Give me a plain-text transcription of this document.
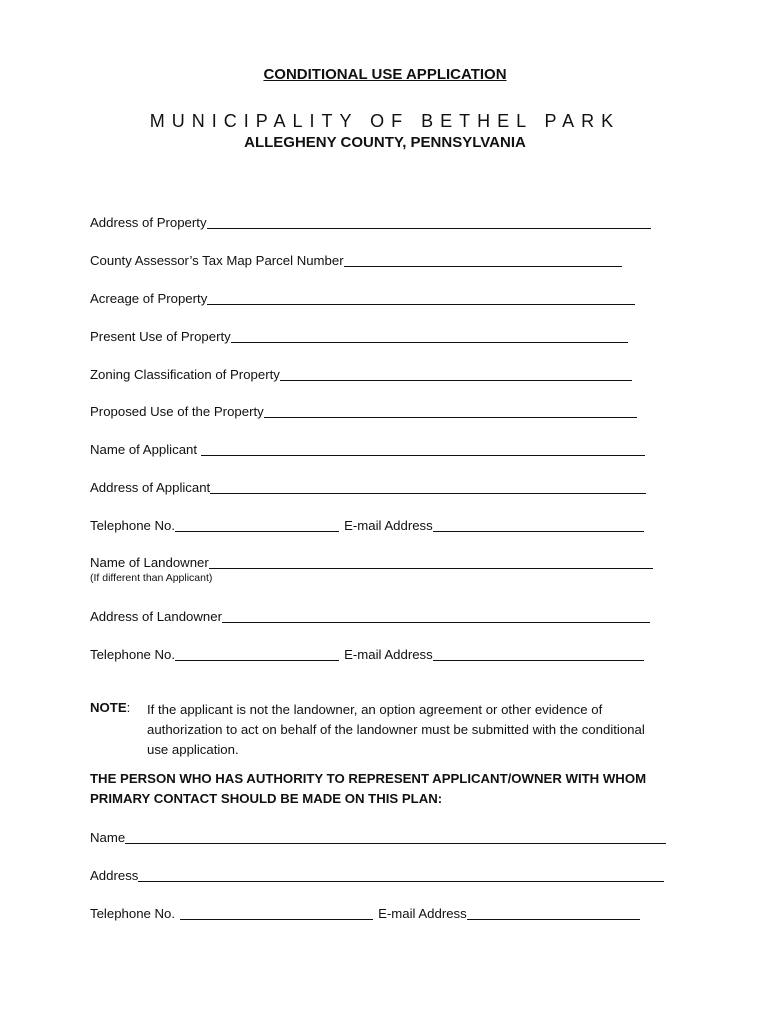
CONDITIONAL USE APPLICATION
MUNICIPALITY OF BETHEL PARK
ALLEGHENY COUNTY, PENNSYLVANIA
Address of Property
County Assessor’s Tax Map Parcel Number
Acreage of Property
Present Use of Property
Zoning Classification of Property
Proposed Use of the Property
Name of Applicant
Address of Applicant
Telephone No.	E-mail Address
Name of Landowner
(If different than Applicant)
Address of Landowner
Telephone No.	E-mail Address
NOTE: If the applicant is not the landowner, an option agreement or other evidence of authorization to act on behalf of the landowner must be submitted with the conditional use application.
THE PERSON WHO HAS AUTHORITY TO REPRESENT APPLICANT/OWNER WITH WHOM PRIMARY CONTACT SHOULD BE MADE ON THIS PLAN:
Name
Address
Telephone No.	E-mail Address
